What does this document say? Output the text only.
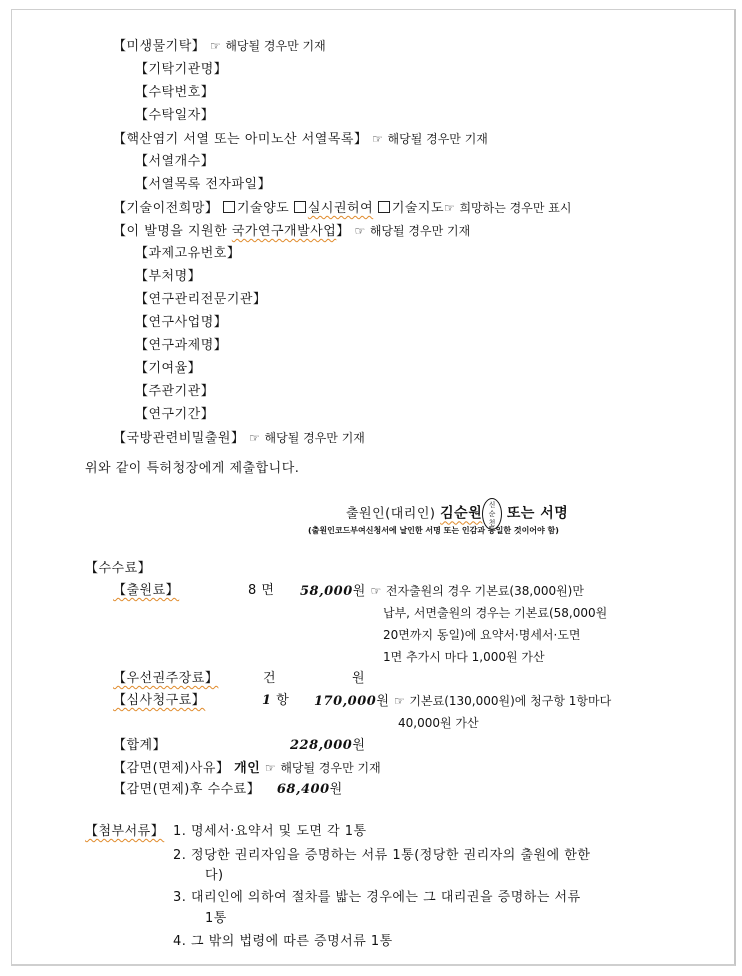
【미생물기탁】 ☞ 해당될 경우만 기재
【기탁기관명】
【수탁번호】
【수탁일자】
【핵산염기 서열 또는 아미노산 서열목록】 ☞ 해당될 경우만 기재
【서열개수】
【서열목록 전자파일】
【기술이전희망】 기술양도 실시권허여 기술지도☞ 희망하는 경우만 표시
【이 발명을 지원한 국가연구개발사업】 ☞ 해당될 경우만 기재
【과제고유번호】
【부처명】
【연구관리전문기관】
【연구사업명】
【연구과제명】
【기여율】
【주관기관】
【연구기간】
【국방관련비밀출원】 ☞ 해당될 경우만 기재
위와 같이 특허청장에게 제출합니다.
출원인(대리인) 김순원신
순
천 또는 서명
(출원인코드부여신청서에 날인한 서명 또는 인감과 동일한 것이어야 함)
【수수료】
【출원료】	8 면 58,000원 ☞ 전자출원의 경우 기본료(38,000원)만
납부, 서면출원의 경우는 기본료(58,000원
20면까지 동일)에 요약서·명세서·도면
1면 추가시 마다 1,000원 가산
【우선권주장료】	건	원
【심사청구료】	1 항 170,000원 ☞ 기본료(130,000원)에 청구항 1항마다
40,000원 가산
【합계】	228,000원
【감면(면제)사유】 개인 ☞ 해당될 경우만 기재
【감면(면제)후 수수료】 68,400원
【첨부서류】 1. 명세서·요약서 및 도면 각 1통
2. 정당한 권리자임을 증명하는 서류 1통(정당한 권리자의 출원에 한한
다)
3. 대리인에 의하여 절차를 밟는 경우에는 그 대리권을 증명하는 서류
1통
4. 그 밖의 법령에 따른 증명서류 1통
